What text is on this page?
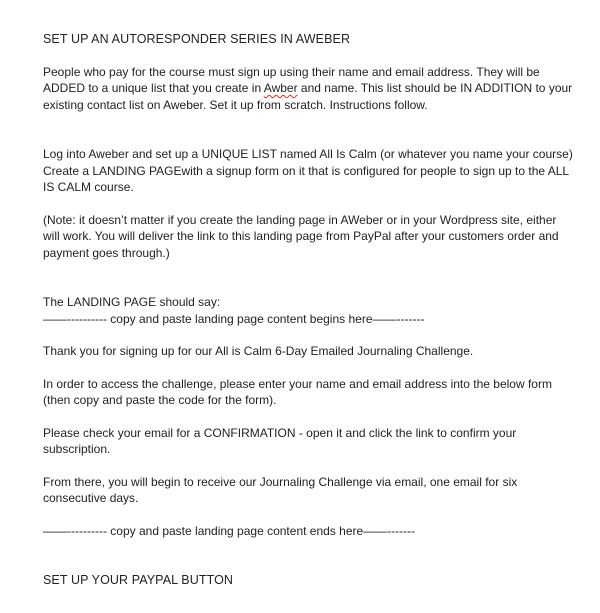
SET UP AN AUTORESPONDER SERIES IN AWEBER

People who pay for the course must sign up using their name and email address. They will be ADDED to a unique list that you create in Awber and name. This list should be IN ADDITION to your existing contact list on Aweber. Set it up from scratch. Instructions follow.

Log into Aweber and set up a UNIQUE LIST named All Is Calm (or whatever you name your course)

Create a LANDING PAGEwith a signup form on it that is configured for people to sign up to the ALL IS CALM course.

(Note: it doesn’t matter if you create the landing page in AWeber or in your Wordpress site, either will work. You will deliver the link to this landing page from PayPal after your customers order and payment goes through.)

The LANDING PAGE should say:

——---------- copy and paste landing page content begins here——-------

Thank you for signing up for our All is Calm 6-Day Emailed Journaling Challenge.

In order to access the challenge, please enter your name and email address into the below form (then copy and paste the code for the form).

Please check your email for a CONFIRMATION - open it and click the link to confirm your subscription.

From there, you will begin to receive our Journaling Challenge via email, one email for six consecutive days.

——---------- copy and paste landing page content ends here——-------

SET UP YOUR PAYPAL BUTTON
